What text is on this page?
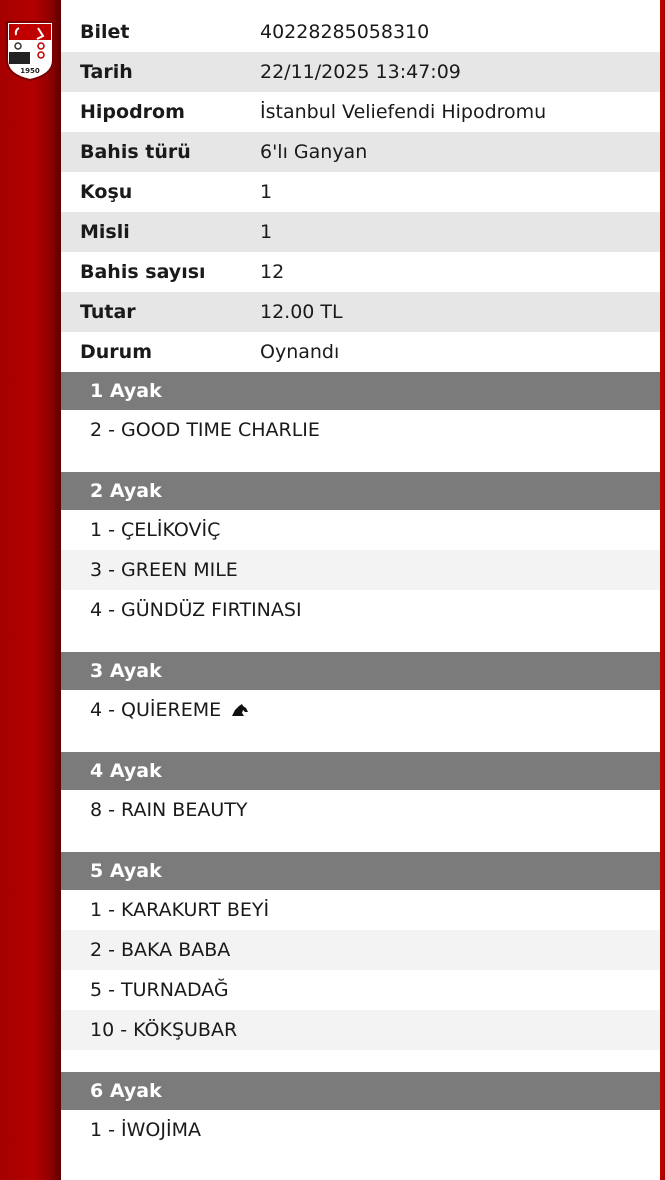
1950
Bilet	40228285058310
Tarih	22/11/2025 13:47:09
Hipodrom	İstanbul Veliefendi Hipodromu
Bahis türü	6'lı Ganyan
Koşu	1
Misli	1
Bahis sayısı	12
Tutar	12.00 TL
Durum	Oynandı
1 Ayak
2 - GOOD TIME CHARLIE
2 Ayak
1 - ÇELİKOVİÇ
3 - GREEN MILE
4 - GÜNDÜZ FIRTINASI
3 Ayak
4 - QUİEREME
4 Ayak
8 - RAIN BEAUTY
5 Ayak
1 - KARAKURT BEYİ
2 - BAKA BABA
5 - TURNADAĞ
10 - KÖKŞUBAR
6 Ayak
1 - İWOJİMA
